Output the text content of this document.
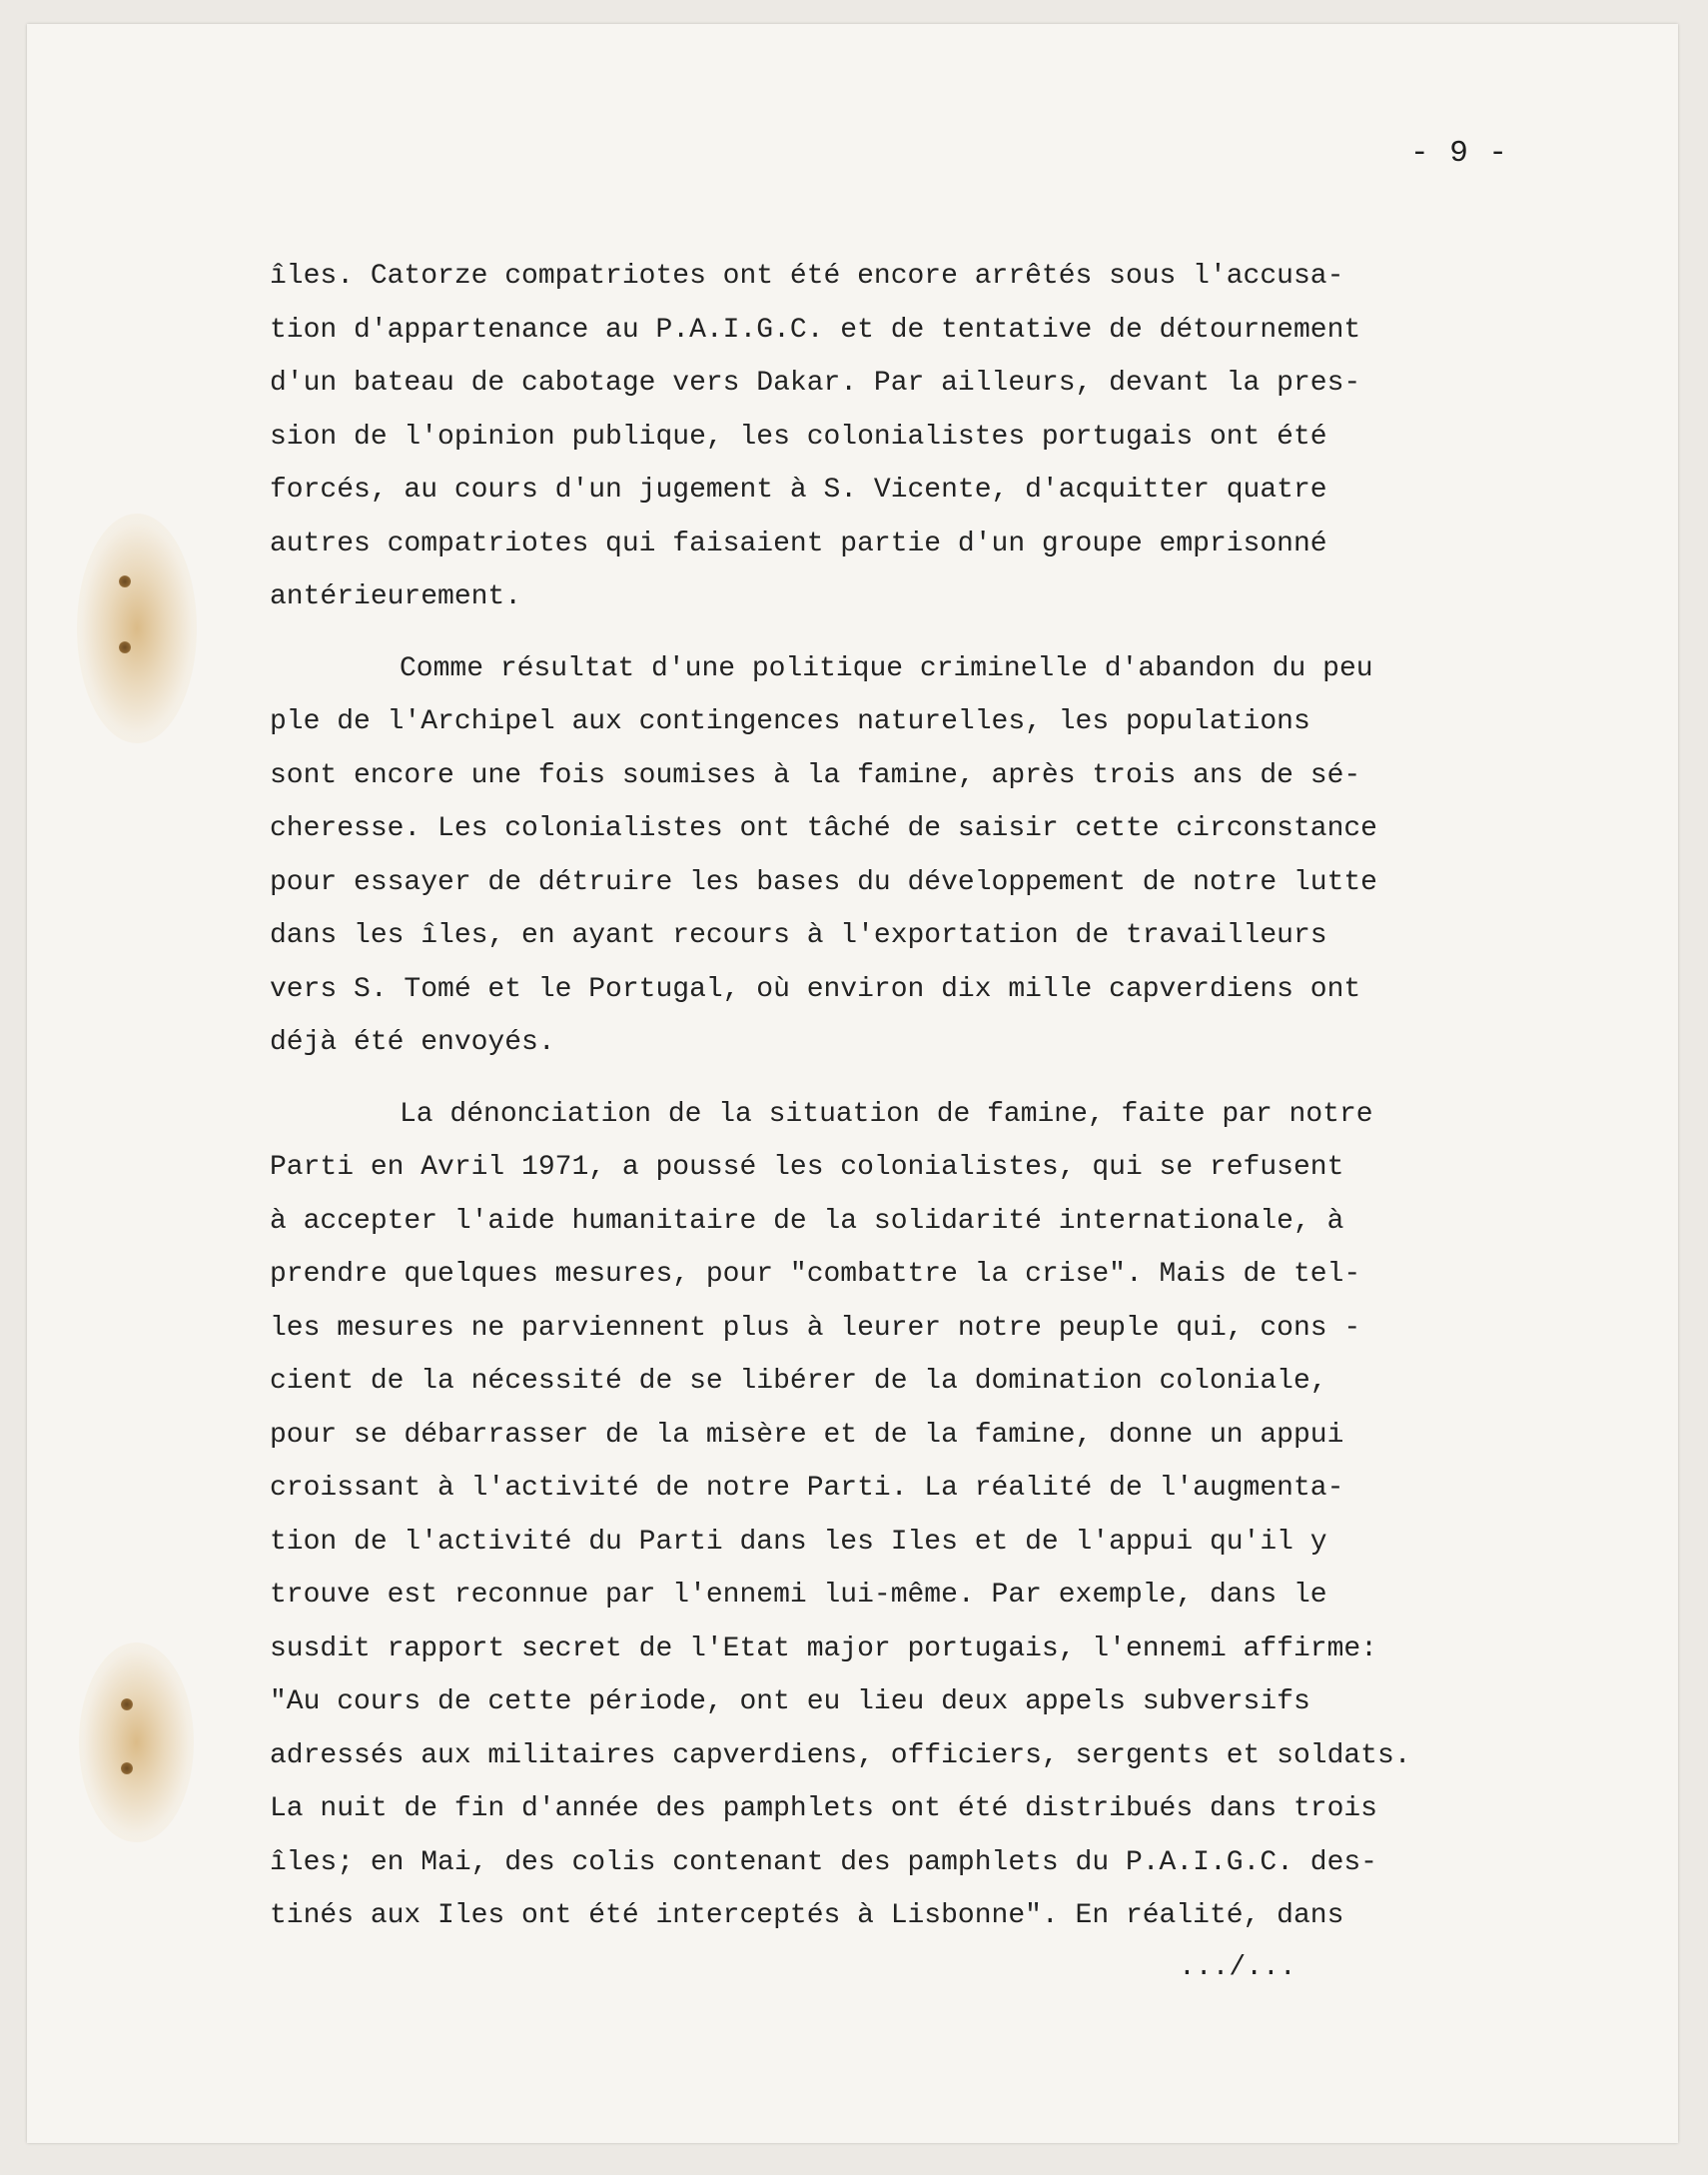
- 9 -
îles. Catorze compatriotes ont été encore arrêtés sous l'accusa-
tion d'appartenance au P.A.I.G.C. et de tentative de détournement
d'un bateau de cabotage vers Dakar. Par ailleurs, devant la pres-
sion de l'opinion publique, les colonialistes portugais ont été
forcés, au cours d'un jugement à S. Vicente, d'acquitter quatre
autres compatriotes qui faisaient partie d'un groupe emprisonné
antérieurement.
Comme résultat d'une politique criminelle d'abandon du peu
ple de l'Archipel aux contingences naturelles, les populations
sont encore une fois soumises à la famine, après trois ans de sé-
cheresse. Les colonialistes ont tâché de saisir cette circonstance
pour essayer de détruire les bases du développement de notre lutte
dans les îles, en ayant recours à l'exportation de travailleurs
vers S. Tomé et le Portugal, où environ dix mille capverdiens ont
déjà été envoyés.
La dénonciation de la situation de famine, faite par notre
Parti en Avril 1971, a poussé les colonialistes, qui se refusent
à accepter l'aide humanitaire de la solidarité internationale, à
prendre quelques mesures, pour "combattre la crise". Mais de tel-
les mesures ne parviennent plus à leurer notre peuple qui, cons -
cient de la nécessité de se libérer de la domination coloniale,
pour se débarrasser de la misère et de la famine, donne un appui
croissant à l'activité de notre Parti. La réalité de l'augmenta-
tion de l'activité du Parti dans les Iles et de l'appui qu'il y
trouve est reconnue par l'ennemi lui-même. Par exemple, dans le
susdit rapport secret de l'Etat major portugais, l'ennemi affirme:
"Au cours de cette période, ont eu lieu deux appels subversifs
adressés aux militaires capverdiens, officiers, sergents et soldats.
La nuit de fin d'année des pamphlets ont été distribués dans trois
îles; en Mai, des colis contenant des pamphlets du P.A.I.G.C. des-
tinés aux Iles ont été interceptés à Lisbonne". En réalité, dans
.../...
